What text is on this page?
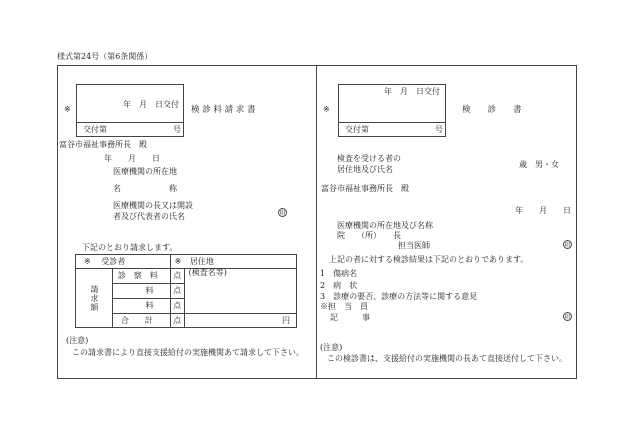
様式第24号（第6条関係）
※
年　月　日交付
交付第	号
検 診 料 請 求 書
富谷市福祉事務所長　殿
年　　月　　日
医療機関の所在地
名　　　　　　称
医療機関の長又は開設
者及び代表者の氏名	印
下記のとおり請求します。
※ 受診者		※ 居住地	

請求額	診　察　料	点	(検査名等)
	料	点	
	料	点	
	合　　計	点	円
(注意)
この請求書により直接支援給付の実施機関あて請求して下さい。
※
年　月　日交付
交付第	号
検　　診　　書
検査を受ける者の
居住地及び氏名
歳　男・女
富谷市福祉事務所長　殿
年　　月　　日
医療機関の所在地及び名称
院　　（所）　　長
担当医師	印
上記の者に対する検診結果は下記のとおりであります。
1　傷病名
2　病　状
3　診療の要否、診療の方法等に関する意見
※担　当　員
記　　　事	印
(注意)
この検診書は、支援給付の実施機関の長あて直接送付して下さい。
